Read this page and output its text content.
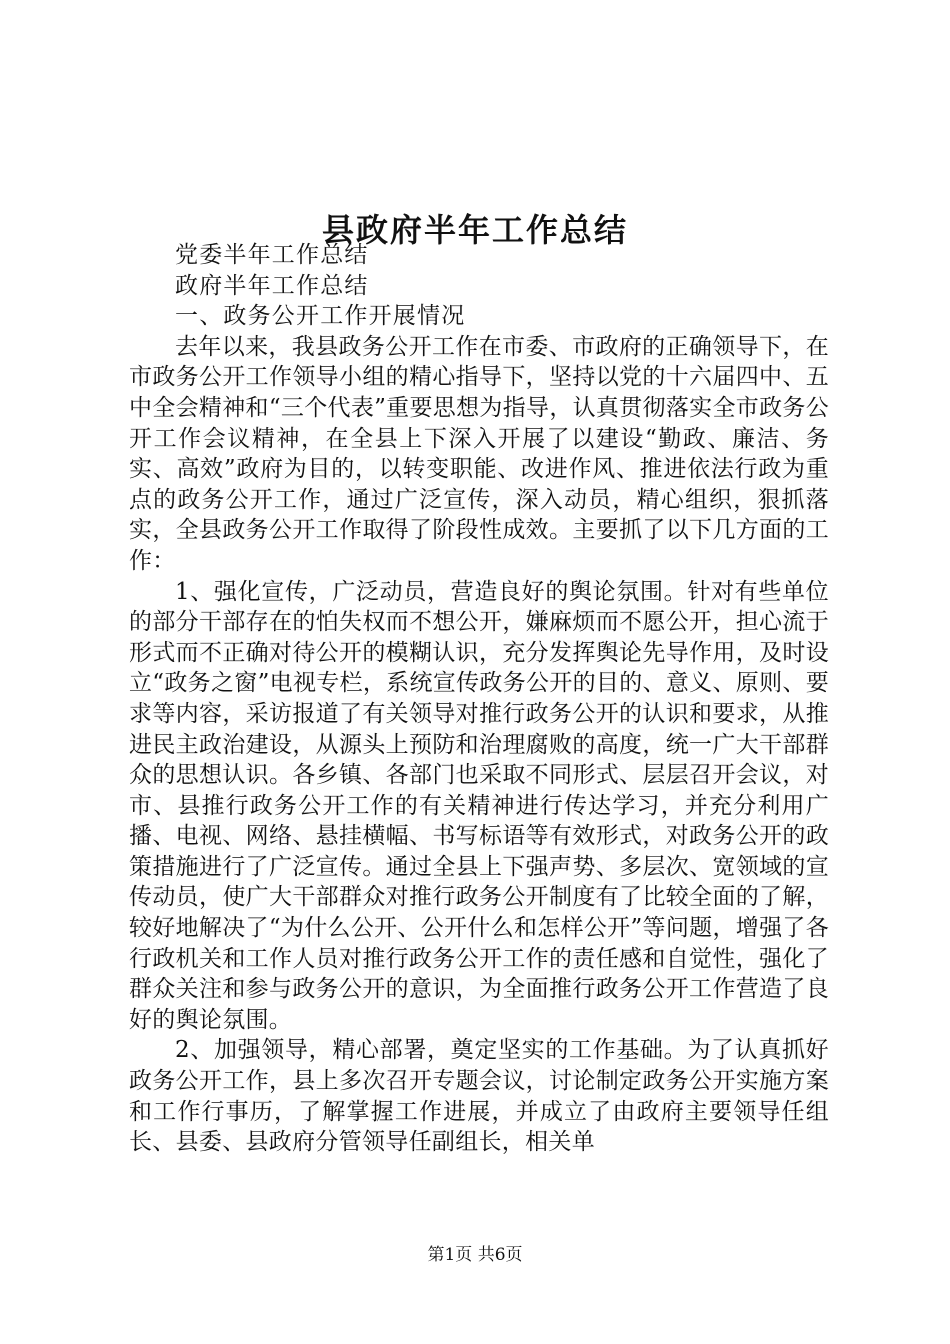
县政府半年工作总结

党委半年工作总结

政府半年工作总结

一、政务公开工作开展情况

去年以来，我县政务公开工作在市委、市政府的正确领导下，在市政务公开工作领导小组的精心指导下，坚持以党的十六届四中、五中全会精神和“三个代表”重要思想为指导，认真贯彻落实全市政务公开工作会议精神，在全县上下深入开展了以建设“勤政、廉洁、务实、高效”政府为目的，以转变职能、改进作风、推进依法行政为重点的政务公开工作，通过广泛宣传，深入动员，精心组织，狠抓落实，全县政务公开工作取得了阶段性成效。主要抓了以下几方面的工作：

1、强化宣传，广泛动员，营造良好的舆论氛围。针对有些单位的部分干部存在的怕失权而不想公开，嫌麻烦而不愿公开，担心流于形式而不正确对待公开的模糊认识，充分发挥舆论先导作用，及时设立“政务之窗”电视专栏，系统宣传政务公开的目的、意义、原则、要求等内容，采访报道了有关领导对推行政务公开的认识和要求，从推进民主政治建设，从源头上预防和治理腐败的高度，统一广大干部群众的思想认识。各乡镇、各部门也采取不同形式、层层召开会议，对市、县推行政务公开工作的有关精神进行传达学习，并充分利用广播、电视、网络、悬挂横幅、书写标语等有效形式，对政务公开的政策措施进行了广泛宣传。通过全县上下强声势、多层次、宽领域的宣传动员，使广大干部群众对推行政务公开制度有了比较全面的了解，较好地解决了“为什么公开、公开什么和怎样公开”等问题，增强了各行政机关和工作人员对推行政务公开工作的责任感和自觉性，强化了群众关注和参与政务公开的意识，为全面推行政务公开工作营造了良好的舆论氛围。

2、加强领导，精心部署，奠定坚实的工作基础。为了认真抓好政务公开工作，县上多次召开专题会议，讨论制定政务公开实施方案和工作行事历，了解掌握工作进展，并成立了由政府主要领导任组长、县委、县政府分管领导任副组长，相关单

第1页 共6页
